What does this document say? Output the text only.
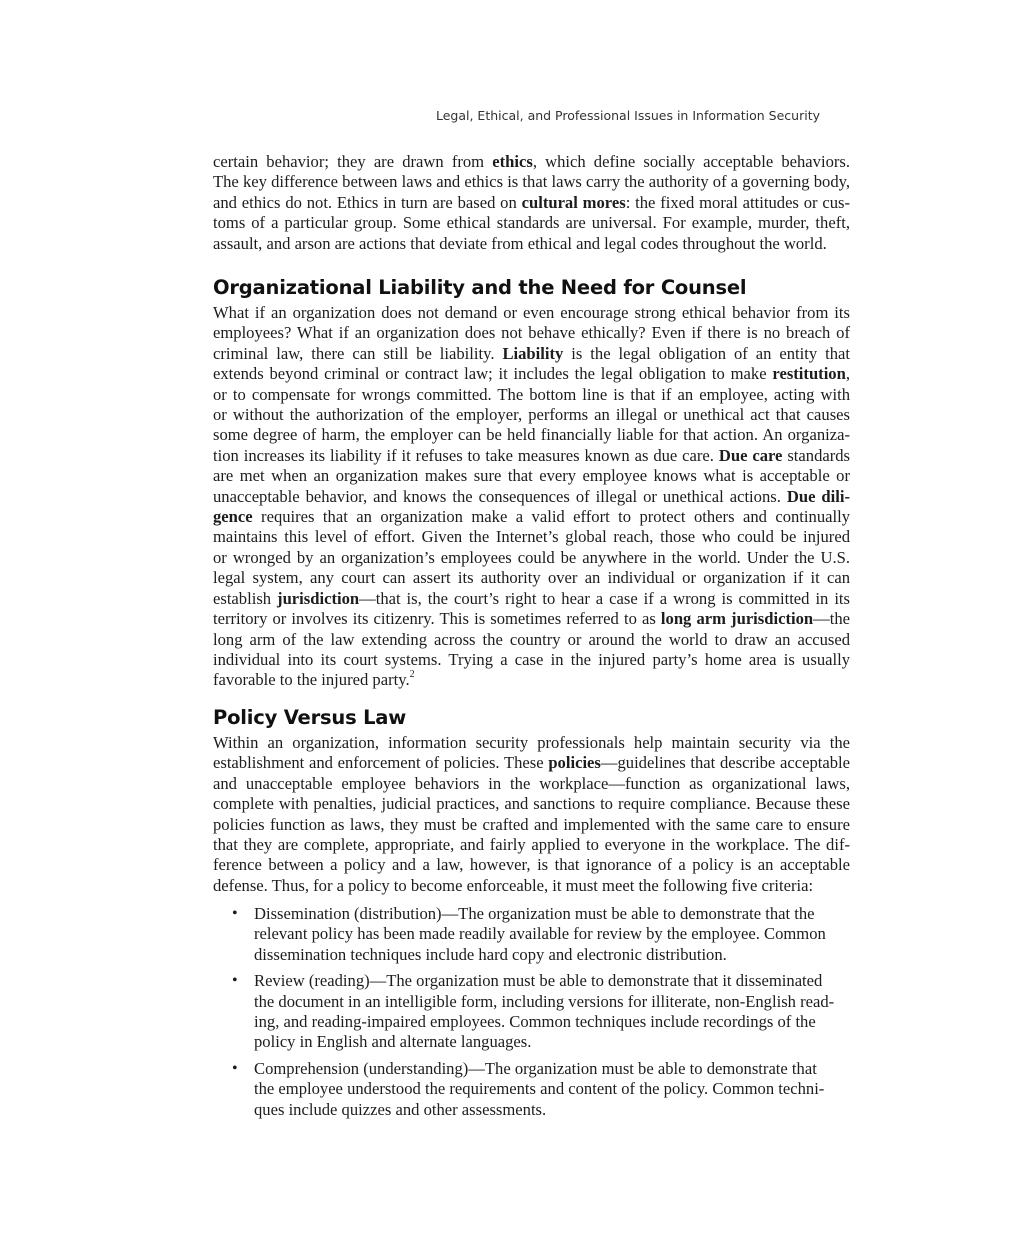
Legal, Ethical, and Professional Issues in Information Security

certain behavior; they are drawn from ethics, which define socially acceptable behaviors.
The key difference between laws and ethics is that laws carry the authority of a governing body,
and ethics do not. Ethics in turn are based on cultural mores: the fixed moral attitudes or cus-
toms of a particular group. Some ethical standards are universal. For example, murder, theft,
assault, and arson are actions that deviate from ethical and legal codes throughout the world.

Organizational Liability and the Need for Counsel

What if an organization does not demand or even encourage strong ethical behavior from its
employees? What if an organization does not behave ethically? Even if there is no breach of
criminal law, there can still be liability. Liability is the legal obligation of an entity that
extends beyond criminal or contract law; it includes the legal obligation to make restitution,
or to compensate for wrongs committed. The bottom line is that if an employee, acting with
or without the authorization of the employer, performs an illegal or unethical act that causes
some degree of harm, the employer can be held financially liable for that action. An organiza-
tion increases its liability if it refuses to take measures known as due care. Due care standards
are met when an organization makes sure that every employee knows what is acceptable or
unacceptable behavior, and knows the consequences of illegal or unethical actions. Due dili-
gence requires that an organization make a valid effort to protect others and continually
maintains this level of effort. Given the Internet’s global reach, those who could be injured
or wronged by an organization’s employees could be anywhere in the world. Under the U.S.
legal system, any court can assert its authority over an individual or organization if it can
establish jurisdiction—that is, the court’s right to hear a case if a wrong is committed in its
territory or involves its citizenry. This is sometimes referred to as long arm jurisdiction—the
long arm of the law extending across the country or around the world to draw an accused
individual into its court systems. Trying a case in the injured party’s home area is usually
favorable to the injured party.$^2$

Policy Versus Law

Within an organization, information security professionals help maintain security via the
establishment and enforcement of policies. These policies—guidelines that describe acceptable
and unacceptable employee behaviors in the workplace—function as organizational laws,
complete with penalties, judicial practices, and sanctions to require compliance. Because these
policies function as laws, they must be crafted and implemented with the same care to ensure
that they are complete, appropriate, and fairly applied to everyone in the workplace. The dif-
ference between a policy and a law, however, is that ignorance of a policy is an acceptable
defense. Thus, for a policy to become enforceable, it must meet the following five criteria:

• Dissemination (distribution)—The organization must be able to demonstrate that the
relevant policy has been made readily available for review by the employee. Common
dissemination techniques include hard copy and electronic distribution.

• Review (reading)—The organization must be able to demonstrate that it disseminated
the document in an intelligible form, including versions for illiterate, non-English read-
ing, and reading-impaired employees. Common techniques include recordings of the
policy in English and alternate languages.

• Comprehension (understanding)—The organization must be able to demonstrate that
the employee understood the requirements and content of the policy. Common techni-
ques include quizzes and other assessments.
